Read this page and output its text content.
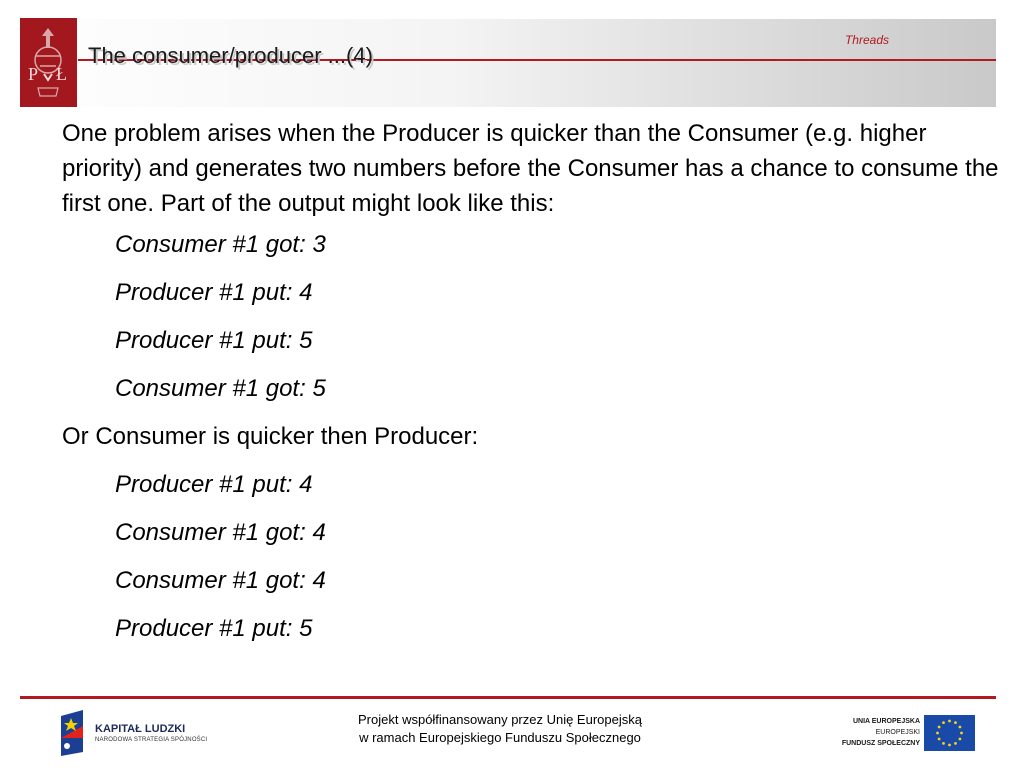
P Ł
Threads
The consumer/producer ...(4)

One problem arises when the Producer is quicker than the Consumer (e.g. higher priority) and generates two numbers before the Consumer has a chance to consume the first one. Part of the output might look like this:

Consumer #1 got: 3

Producer #1 put: 4

Producer #1 put: 5

Consumer #1 got: 5

Or Consumer is quicker then Producer:

Producer #1 put: 4

Consumer #1 got: 4

Consumer #1 got: 4

Producer #1 put: 5

KAPITAŁ LUDZKI
NARODOWA STRATEGIA SPÓJNOŚCI
Projekt współfinansowany przez Unię Europejską
w ramach Europejskiego Funduszu Społecznego
UNIA EUROPEJSKA
EUROPEJSKI
FUNDUSZ SPOŁECZNY
